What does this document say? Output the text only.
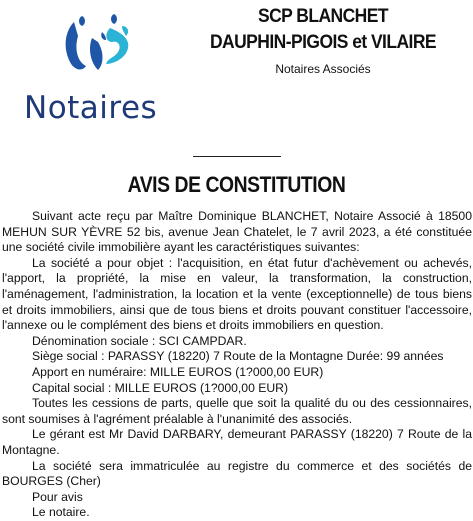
Notaires
SCP BLANCHET
DAUPHIN-PIGOIS et VILAIRE
Notaires Associés
AVIS DE CONSTITUTION

Suivant acte reçu par Maître Dominique BLANCHET, Notaire Associé à 18500 MEHUN SUR YÈVRE 52 bis, avenue Jean Chatelet, le 7 avril 2023, a été constituée une société civile immobilière ayant les caractéristiques suivantes:

La société a pour objet : l'acquisition, en état futur d'achèvement ou achevés, l'apport, la propriété, la mise en valeur, la transformation, la construction, l'aménagement, l'administration, la location et la vente (exceptionnelle) de tous biens et droits immobiliers, ainsi que de tous biens et droits pouvant constituer l'accessoire, l'annexe ou le complément des biens et droits immobiliers en question.

Dénomination sociale : SCI CAMPDAR.

Siège social : PARASSY (18220) 7 Route de la Montagne Durée: 99 années

Apport en numéraire: MILLE EUROS (1?000,00 EUR)

Capital social : MILLE EUROS (1?000,00 EUR)

Toutes les cessions de parts, quelle que soit la qualité du ou des cessionnaires, sont soumises à l'agrément préalable à l'unanimité des associés.

Le gérant est Mr David DARBARY, demeurant PARASSY (18220) 7 Route de la Montagne.

La société sera immatriculée au registre du commerce et des sociétés de BOURGES (Cher)

Pour avis

Le notaire.
